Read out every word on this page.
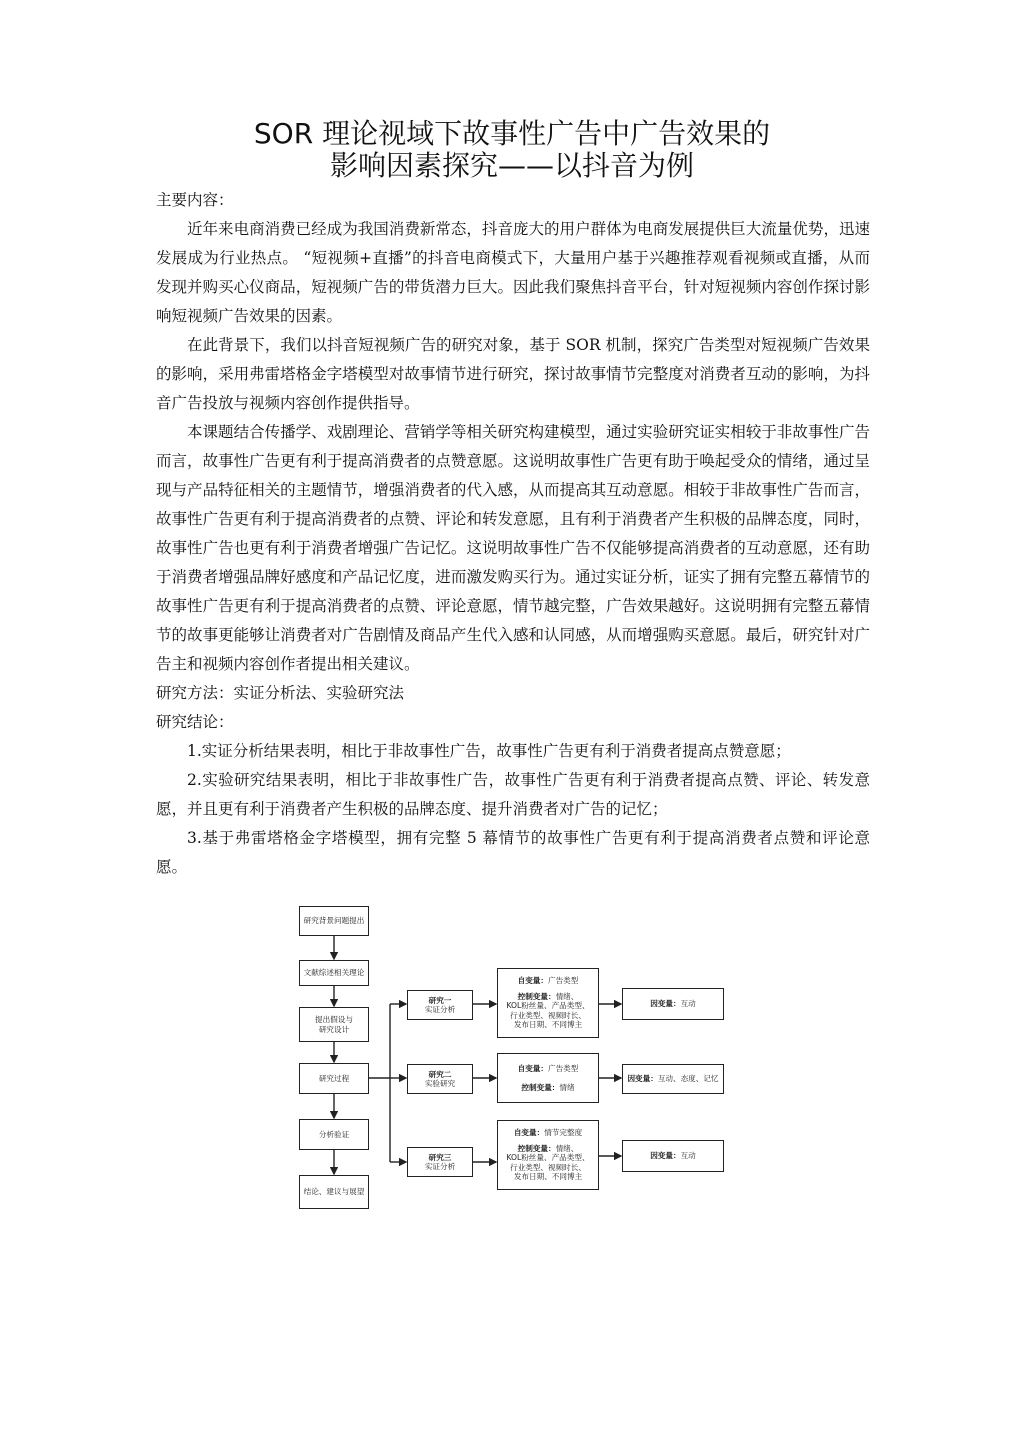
SOR 理论视域下故事性广告中广告效果的
影响因素探究——以抖音为例

主要内容：

近年来电商消费已经成为我国消费新常态，抖音庞大的用户群体为电商发展提供巨大流量优势，迅速发展成为行业热点。 “短视频+直播”的抖音电商模式下，大量用户基于兴趣推荐观看视频或直播，从而发现并购买心仪商品，短视频广告的带货潜力巨大。因此我们聚焦抖音平台，针对短视频内容创作探讨影响短视频广告效果的因素。

在此背景下，我们以抖音短视频广告的研究对象，基于 SOR 机制，探究广告类型对短视频广告效果的影响，采用弗雷塔格金字塔模型对故事情节进行研究，探讨故事情节完整度对消费者互动的影响，为抖音广告投放与视频内容创作提供指导。

本课题结合传播学、戏剧理论、营销学等相关研究构建模型，通过实验研究证实相较于非故事性广告而言，故事性广告更有利于提高消费者的点赞意愿。这说明故事性广告更有助于唤起受众的情绪，通过呈现与产品特征相关的主题情节，增强消费者的代入感，从而提高其互动意愿。相较于非故事性广告而言，故事性广告更有利于提高消费者的点赞、评论和转发意愿，且有利于消费者产生积极的品牌态度，同时，故事性广告也更有利于消费者增强广告记忆。这说明故事性广告不仅能够提高消费者的互动意愿，还有助于消费者增强品牌好感度和产品记忆度，进而激发购买行为。通过实证分析，证实了拥有完整五幕情节的故事性广告更有利于提高消费者的点赞、评论意愿，情节越完整，广告效果越好。这说明拥有完整五幕情节的故事更能够让消费者对广告剧情及商品产生代入感和认同感，从而增强购买意愿。最后，研究针对广告主和视频内容创作者提出相关建议。

研究方法：实证分析法、实验研究法

研究结论：

1.实证分析结果表明，相比于非故事性广告，故事性广告更有利于消费者提高点赞意愿；

2.实验研究结果表明，相比于非故事性广告，故事性广告更有利于消费者提高点赞、评论、转发意愿，并且更有利于消费者产生积极的品牌态度、提升消费者对广告的记忆；

3.基于弗雷塔格金字塔模型，拥有完整 5 幕情节的故事性广告更有利于提高消费者点赞和评论意愿。

研究背景问题提出
文献综述相关理论
提出假设与
研究设计
研究过程
分析验证
结论、建议与展望
研究一
实证分析
研究二
实验研究
研究三
实证分析
自变量：广告类型
控制变量：情绪、
KOL粉丝量、产品类型、
行业类型、视频时长、
发布日期、不同博主
自变量：广告类型
控制变量：情绪
自变量：情节完整度
控制变量：情绪、
KOL粉丝量、产品类型、
行业类型、视频时长、
发布日期、不同博主
因变量：互动
因变量：互动、态度、记忆
因变量：互动
